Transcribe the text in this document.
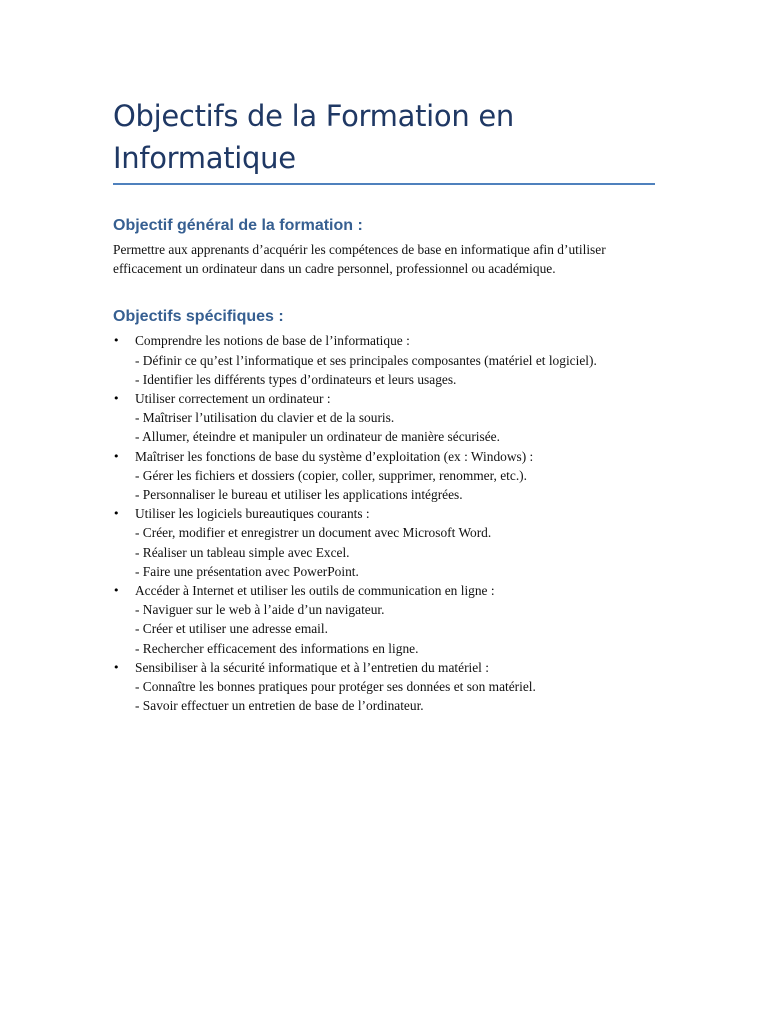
Objectifs de la Formation en Informatique
Objectif général de la formation :

Permettre aux apprenants d’acquérir les compétences de base en informatique afin d’utiliser efficacement un ordinateur dans un cadre personnel, professionnel ou académique.

Objectifs spécifiques :
• Comprendre les notions de base de l’informatique :
- Définir ce qu’est l’informatique et ses principales composantes (matériel et logiciel).
- Identifier les différents types d’ordinateurs et leurs usages.
• Utiliser correctement un ordinateur :
- Maîtriser l’utilisation du clavier et de la souris.
- Allumer, éteindre et manipuler un ordinateur de manière sécurisée.
• Maîtriser les fonctions de base du système d’exploitation (ex : Windows) :
- Gérer les fichiers et dossiers (copier, coller, supprimer, renommer, etc.).
- Personnaliser le bureau et utiliser les applications intégrées.
• Utiliser les logiciels bureautiques courants :
- Créer, modifier et enregistrer un document avec Microsoft Word.
- Réaliser un tableau simple avec Excel.
- Faire une présentation avec PowerPoint.
• Accéder à Internet et utiliser les outils de communication en ligne :
- Naviguer sur le web à l’aide d’un navigateur.
- Créer et utiliser une adresse email.
- Rechercher efficacement des informations en ligne.
• Sensibiliser à la sécurité informatique et à l’entretien du matériel :
- Connaître les bonnes pratiques pour protéger ses données et son matériel.
- Savoir effectuer un entretien de base de l’ordinateur.
